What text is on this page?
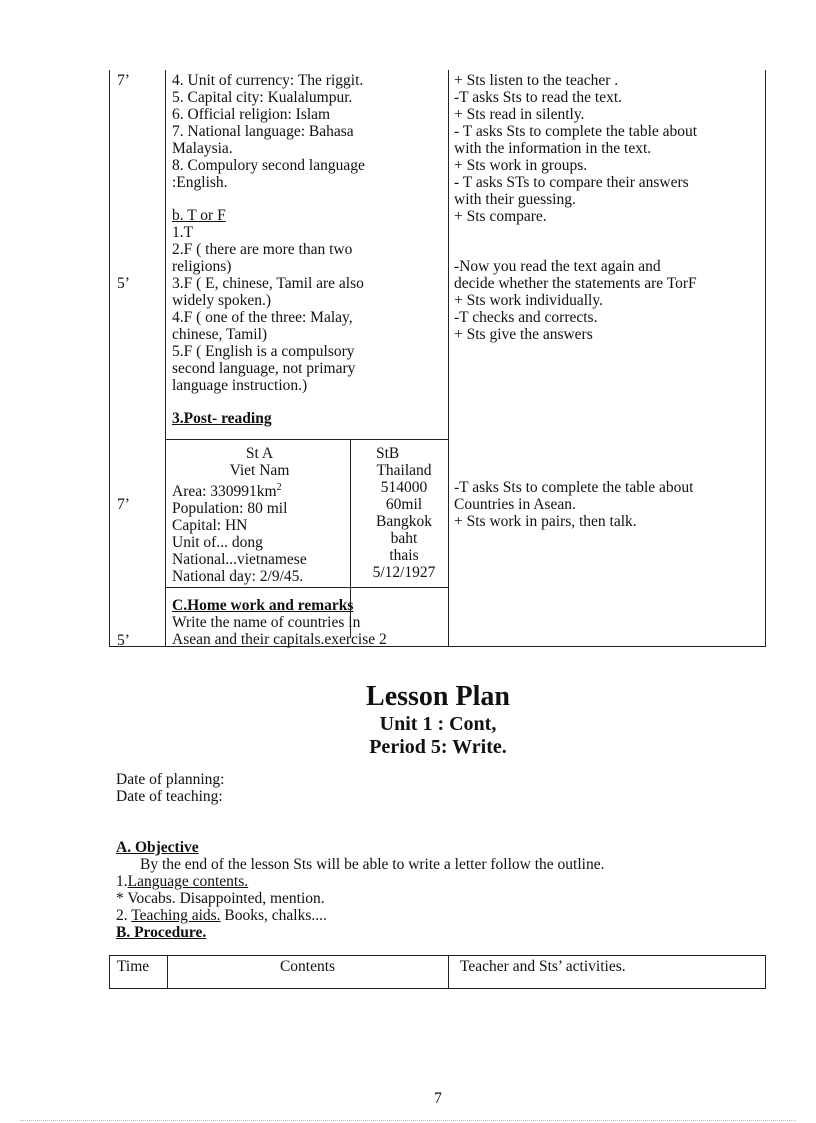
7’
5’
7’
5’
4. Unit of currency: The riggit.
5. Capital city: Kualalumpur.
6. Official religion: Islam
7. National language: Bahasa
Malaysia.
8. Compulory second language
:English.
b. T or F
1.T
2.F ( there are more than two
religions)
3.F ( E, chinese, Tamil are also
widely spoken.)
4.F ( one of the three: Malay,
chinese, Tamil)
5.F ( English is a compulsory
second language, not primary
language instruction.)
3.Post- reading
St A
Viet Nam
Area: $330991km^2$
Population: 80 mil
Capital: HN
Unit of... dong
National...vietnamese
National day: 2/9/45.
StB
Thailand
514000
60mil
Bangkok
baht
thais
5/12/1927
C.Home work and remarks
Write the name of countries in
Asean and their capitals.exercise 2
+ Sts listen to the teacher .
-T asks Sts to read the text.
+ Sts read in silently.
- T asks Sts to complete the table about
with the information in the text.
+ Sts work in groups.
- T asks STs to compare their answers
with their guessing.
+ Sts compare.
-Now you read the text again and
decide whether the statements are TorF
+ Sts work individually.
-T checks and corrects.
+ Sts give the answers
-T asks Sts to complete the table about
Countries in Asean.
+ Sts work in pairs, then talk.
Lesson Plan
Unit 1 : Cont,
Period 5: Write.
Date of planning:
Date of teaching:
A. Objective
By the end of the lesson Sts will be able to write a letter follow the outline.
1.Language contents.
* Vocabs. Disappointed, mention.
2. Teaching aids. Books, chalks....
B. Procedure.
Time	Contents	Teacher and Sts’ activities.
7
